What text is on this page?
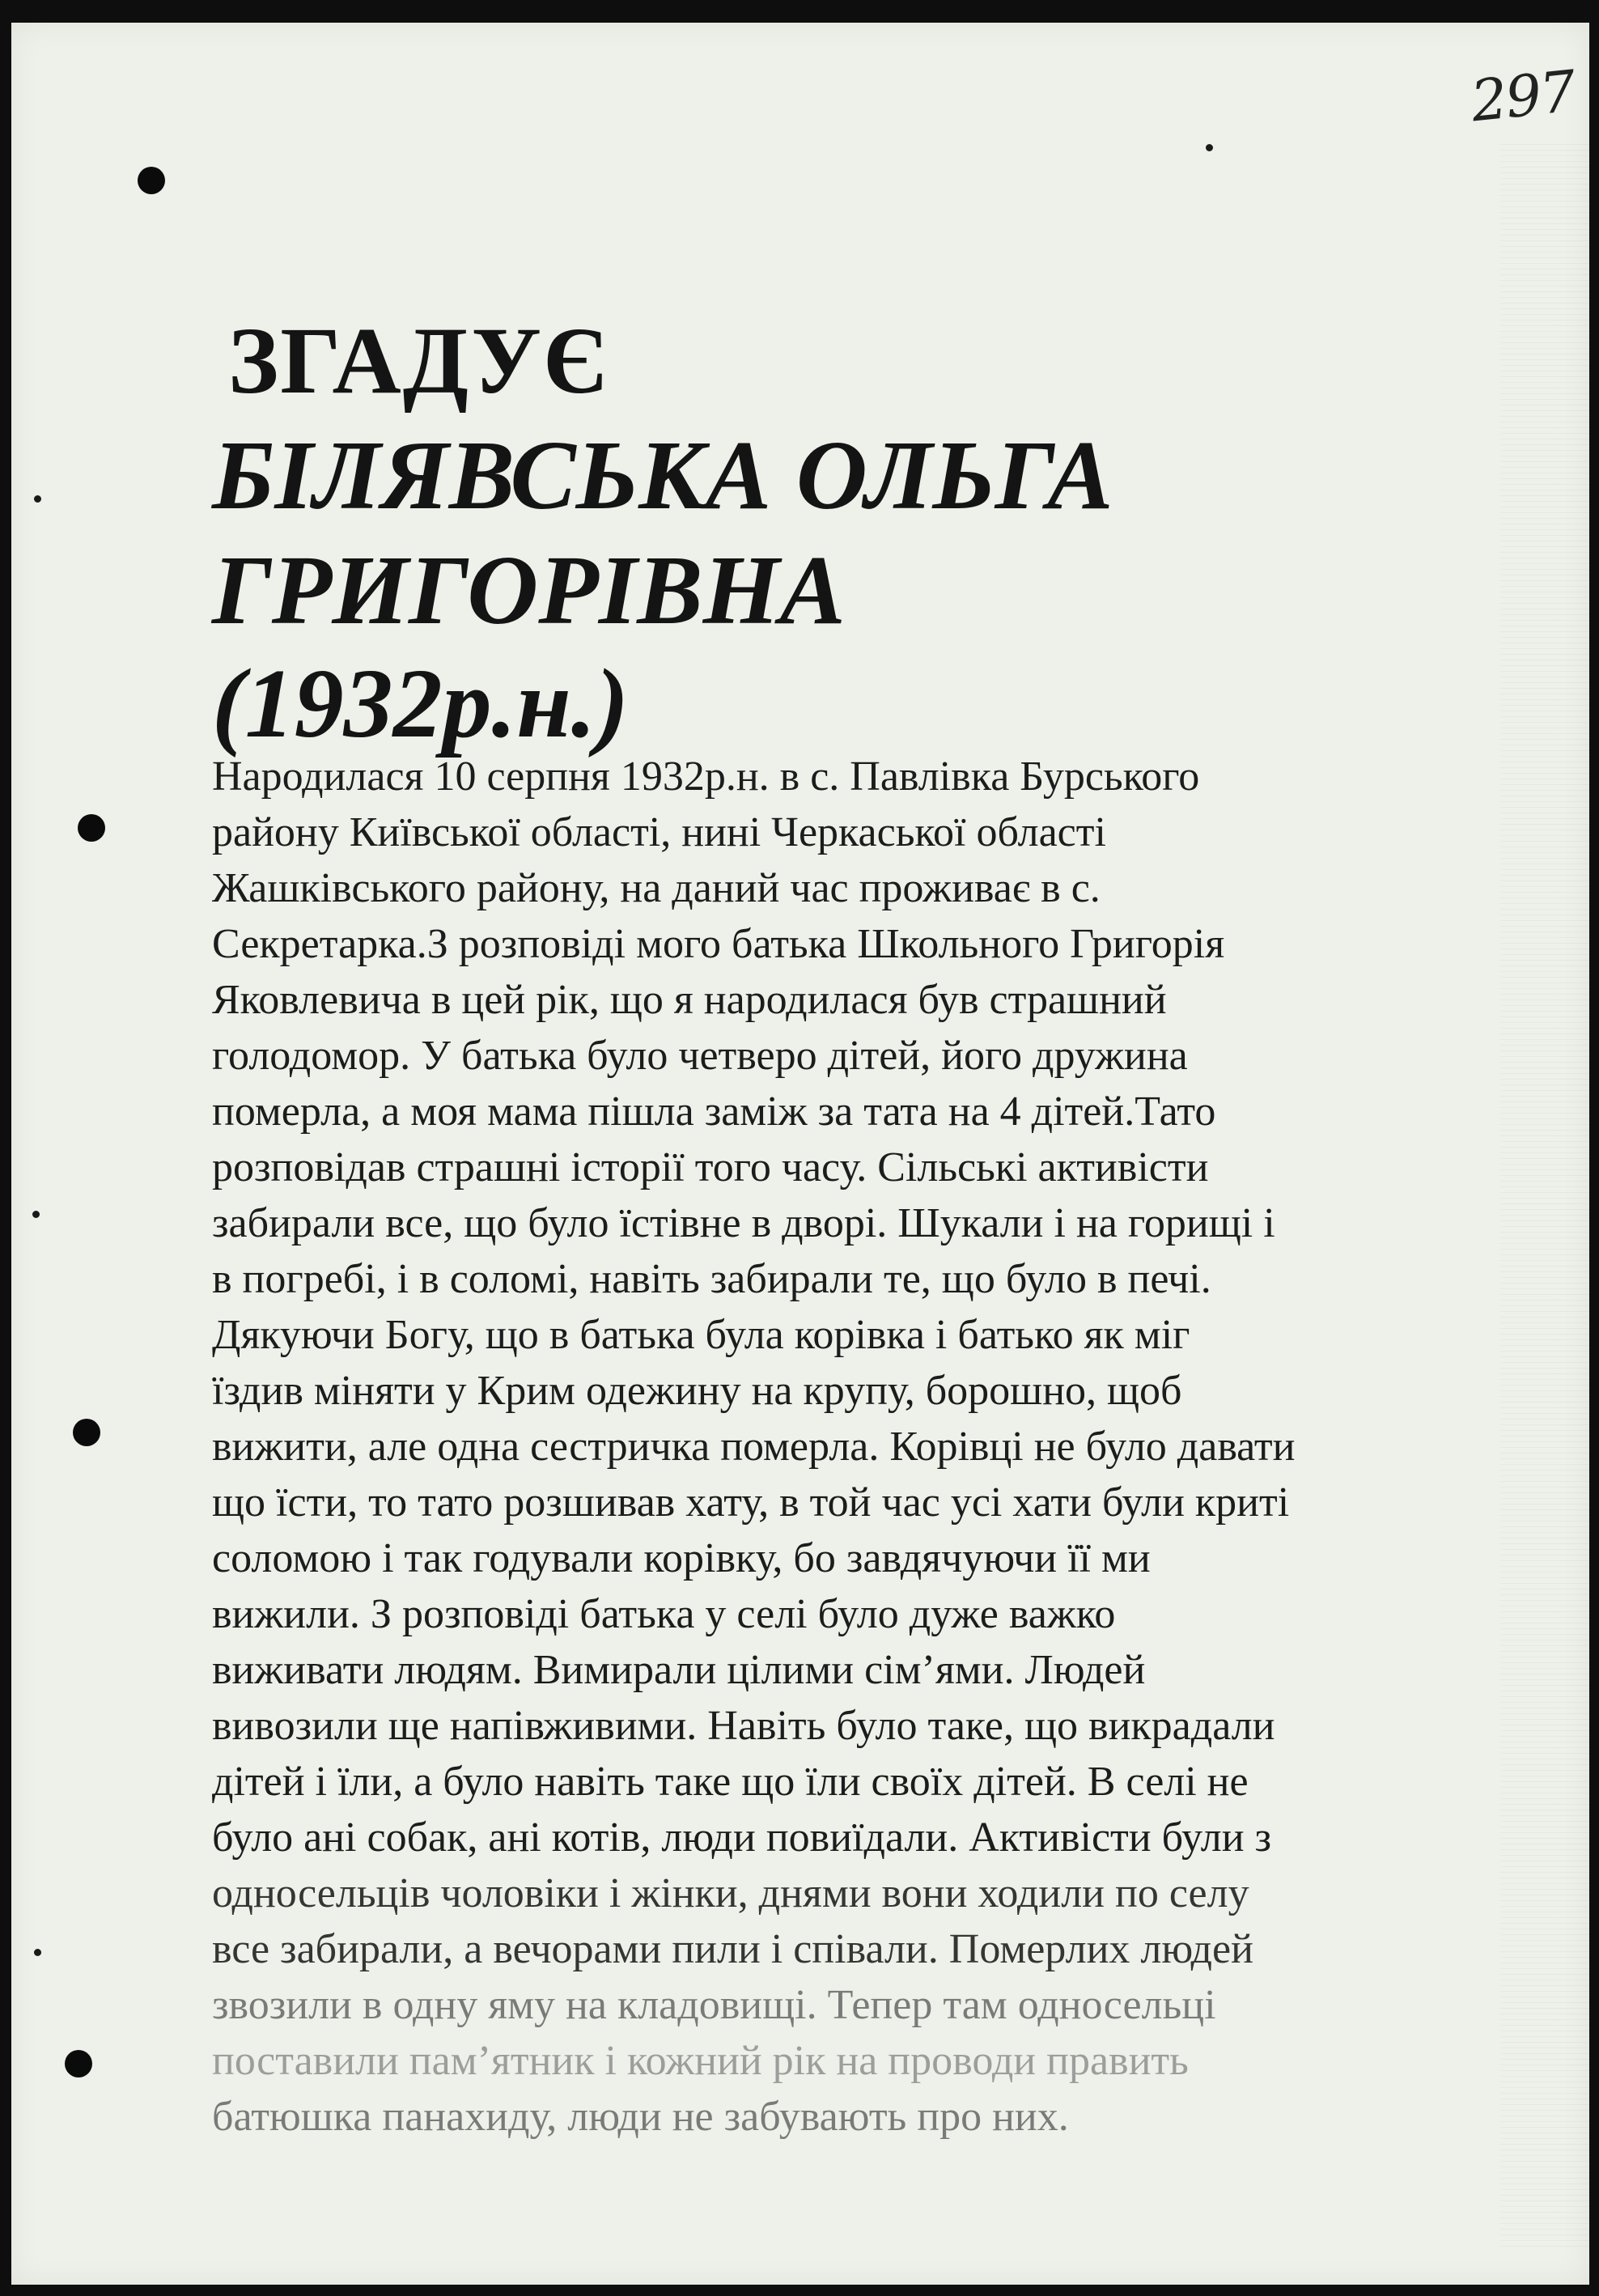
297
ЗГАДУЄ
БІЛЯВСЬКА ОЛЬГА
ГРИГОРІВНА
(1932р.н.)
Народилася 10 серпня 1932р.н. в с. Павлівка Бурського
району Київської області, нині Черкаської області
Жашківського району, на даний час проживає в с.
Секретарка.З розповіді мого батька Школьного Григорія
Яковлевича в цей рік, що я народилася був страшний
голодомор. У батька було четверо дітей, його дружина
померла, а моя мама пішла заміж за тата на 4 дітей.Тато
розповідав страшні історії того часу. Сільські активісти
забирали все, що було їстівне в дворі. Шукали і на горищі і
в погребі, і в соломі, навіть забирали те, що було в печі.
Дякуючи Богу, що в батька була корівка і батько як міг
їздив міняти у Крим одежину на крупу, борошно, щоб
вижити, але одна сестричка померла. Корівці не було давати
що їсти, то тато розшивав хату, в той час усі хати були криті
соломою і так годували корівку, бо завдячуючи її ми
вижили. З розповіді батька у селі було дуже важко
виживати людям. Вимирали цілими сім’ями. Людей
вивозили ще напівживими. Навіть було таке, що викрадали
дітей і їли, а було навіть таке що їли своїх дітей. В селі не
було ані собак, ані котів, люди повиїдали. Активісти були з
односельців чоловіки і жінки, днями вони ходили по селу
все забирали, а вечорами пили і співали. Померлих людей
звозили в одну яму на кладовищі. Тепер там односельці
поставили пам’ятник і кожний рік на проводи править
батюшка панахиду, люди не забувають про них.
